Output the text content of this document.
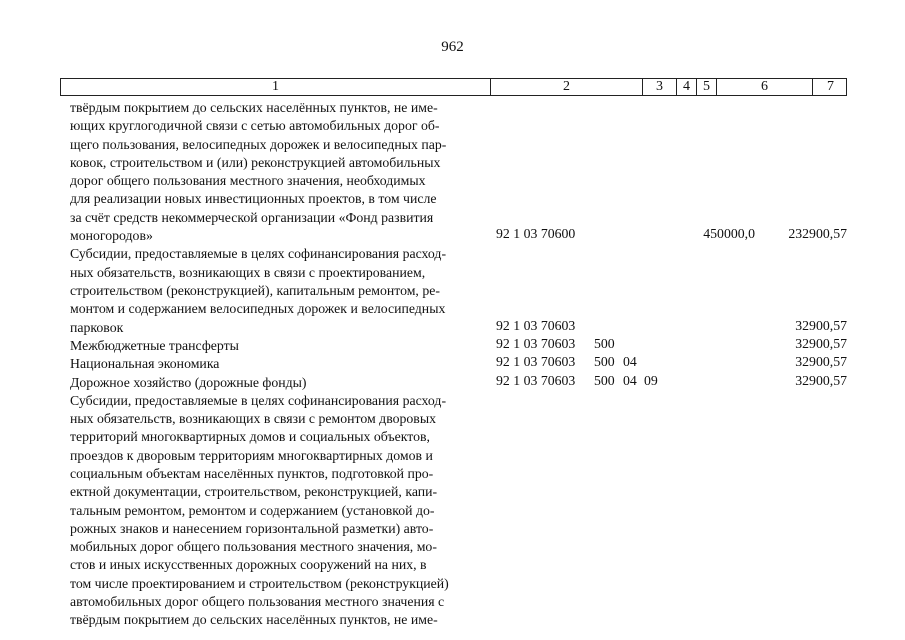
962
1	2	3	4 5	6	7
твёрдым покрытием до сельских населённых пунктов, не име-
ющих круглогодичной связи с сетью автомобильных дорог об-
щего пользования, велосипедных дорожек и велосипедных пар-
ковок, строительством и (или) реконструкцией автомобильных
дорог общего пользования местного значения, необходимых
для реализации новых инвестиционных проектов, в том числе
за счёт средств некоммерческой организации «Фонд развития
моногородов»	92 1 03 70600	450000,0 232900,57
Субсидии, предоставляемые в целях софинансирования расход-
ных обязательств, возникающих в связи с проектированием,
строительством (реконструкцией), капитальным ремонтом, ре-
монтом и содержанием велосипедных дорожек и велосипедных
парковок	92 1 03 70603	32900,57
Межбюджетные трансферты	92 1 03 70603 500	32900,57
Национальная экономика	92 1 03 70603 500 04	32900,57
Дорожное хозяйство (дорожные фонды)	92 1 03 70603 500 04 09	32900,57
Субсидии, предоставляемые в целях софинансирования расход-
ных обязательств, возникающих в связи с ремонтом дворовых
территорий многоквартирных домов и социальных объектов,
проездов к дворовым территориям многоквартирных домов и
социальным объектам населённых пунктов, подготовкой про-
ектной документации, строительством, реконструкцией, капи-
тальным ремонтом, ремонтом и содержанием (установкой до-
рожных знаков и нанесением горизонтальной разметки) авто-
мобильных дорог общего пользования местного значения, мо-
стов и иных искусственных дорожных сооружений на них, в
том числе проектированием и строительством (реконструкцией)
автомобильных дорог общего пользования местного значения с
твёрдым покрытием до сельских населённых пунктов, не име-
